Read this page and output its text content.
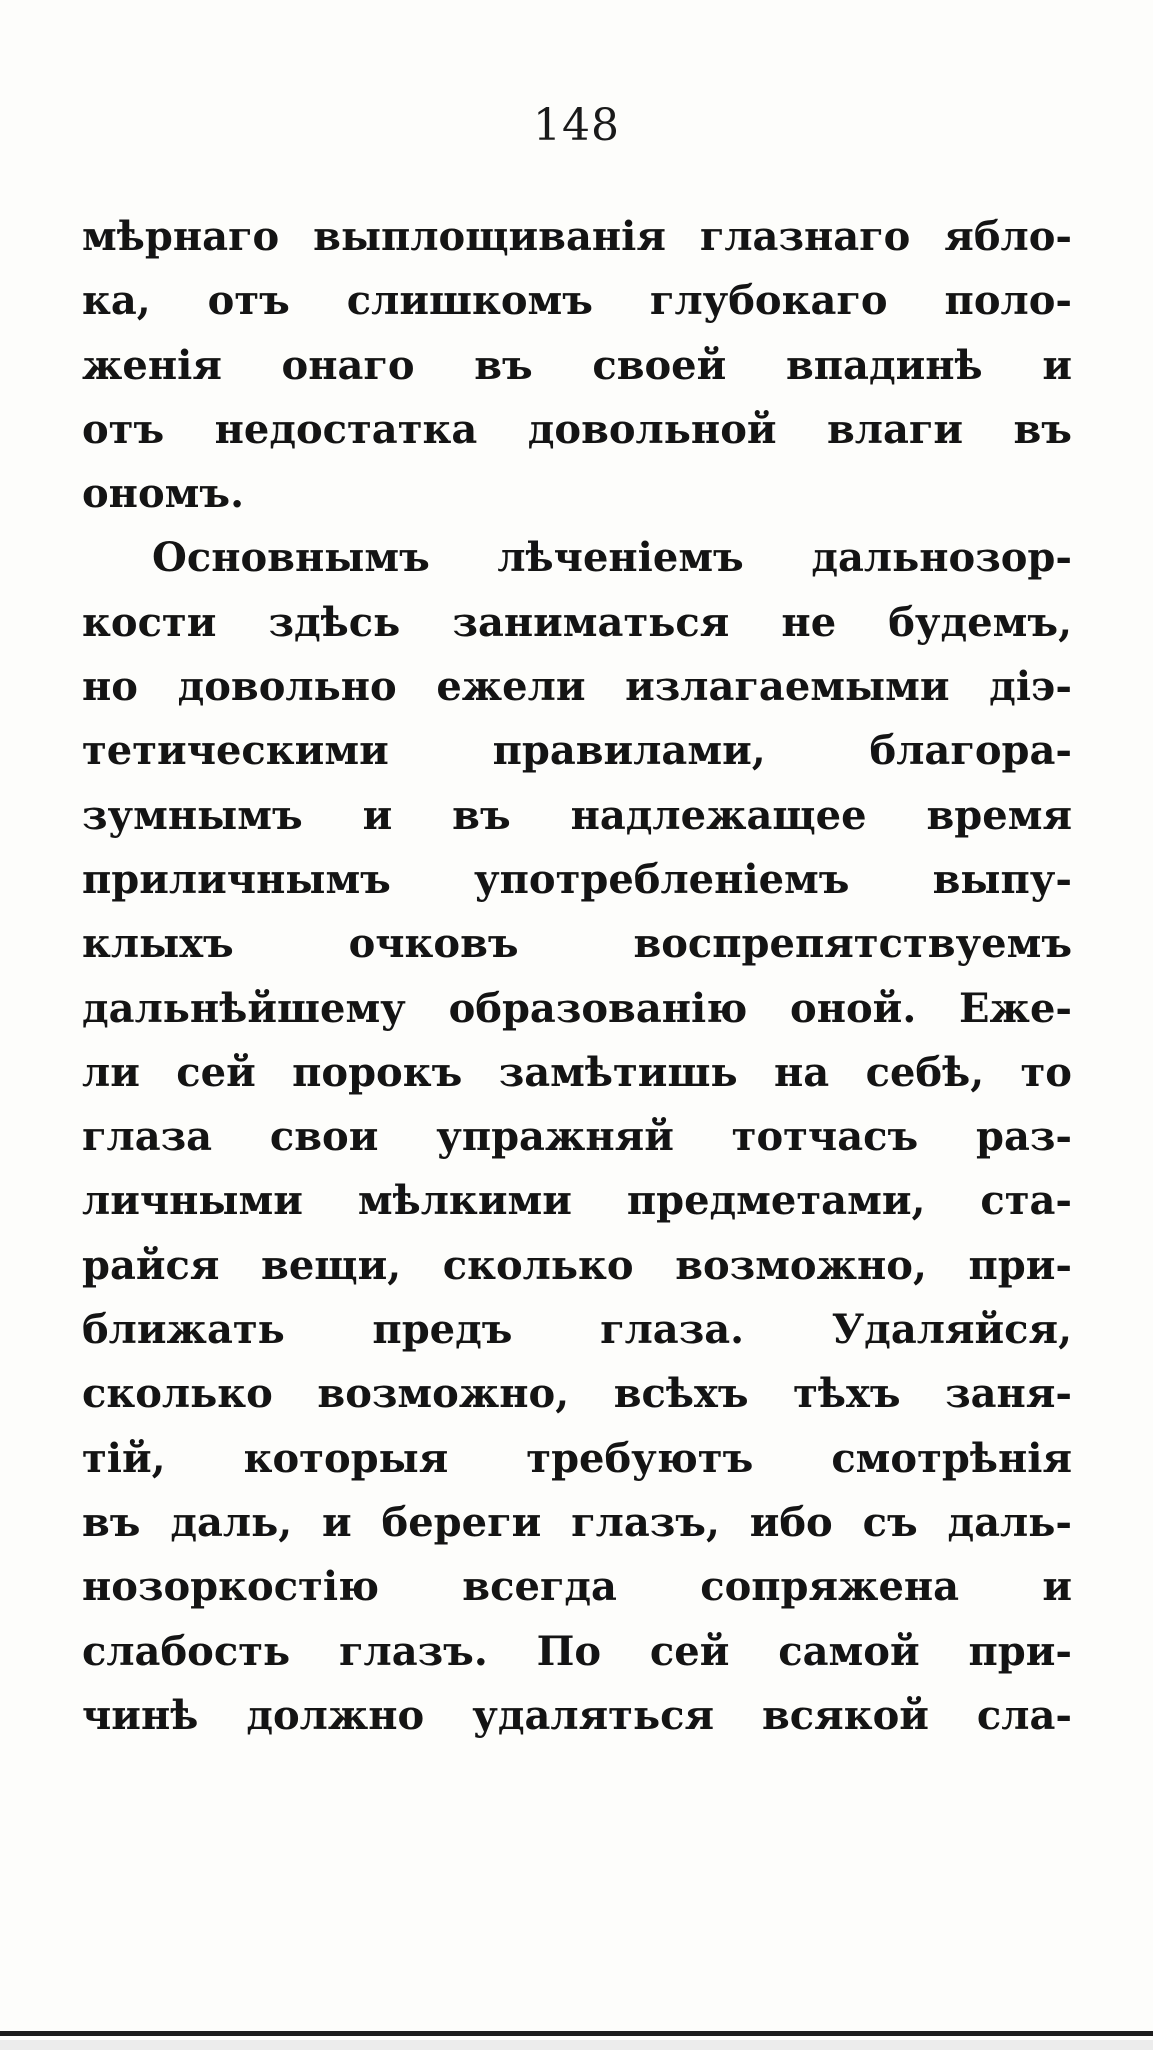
148
мѣрнаго выплощиванія глазнаго ябло-
ка, отъ слишкомъ глубокаго поло-
женія онаго въ своей впадинѣ и
отъ недостатка довольной влаги въ
ономъ.
Основнымъ лѣченіемъ дальнозор-
кости здѣсь заниматься не будемъ,
но довольно ежели излагаемыми діэ-
тетическими правилами, благора-
зумнымъ и въ надлежащее время
приличнымъ употребленіемъ выпу-
клыхъ очковъ воспрепятствуемъ
дальнѣйшему образованію оной. Еже-
ли сей порокъ замѣтишь на себѣ, то
глаза свои упражняй тотчасъ раз-
личными мѣлкими предметами, ста-
райся вещи, сколько возможно, при-
ближать предъ глаза. Удаляйся,
сколько возможно, всѣхъ тѣхъ заня-
тій, которыя требуютъ смотрѣнія
въ даль, и береги глазъ, ибо съ даль-
нозоркостію всегда сопряжена и
слабость глазъ. По сей самой при-
чинѣ должно удаляться всякой сла-
